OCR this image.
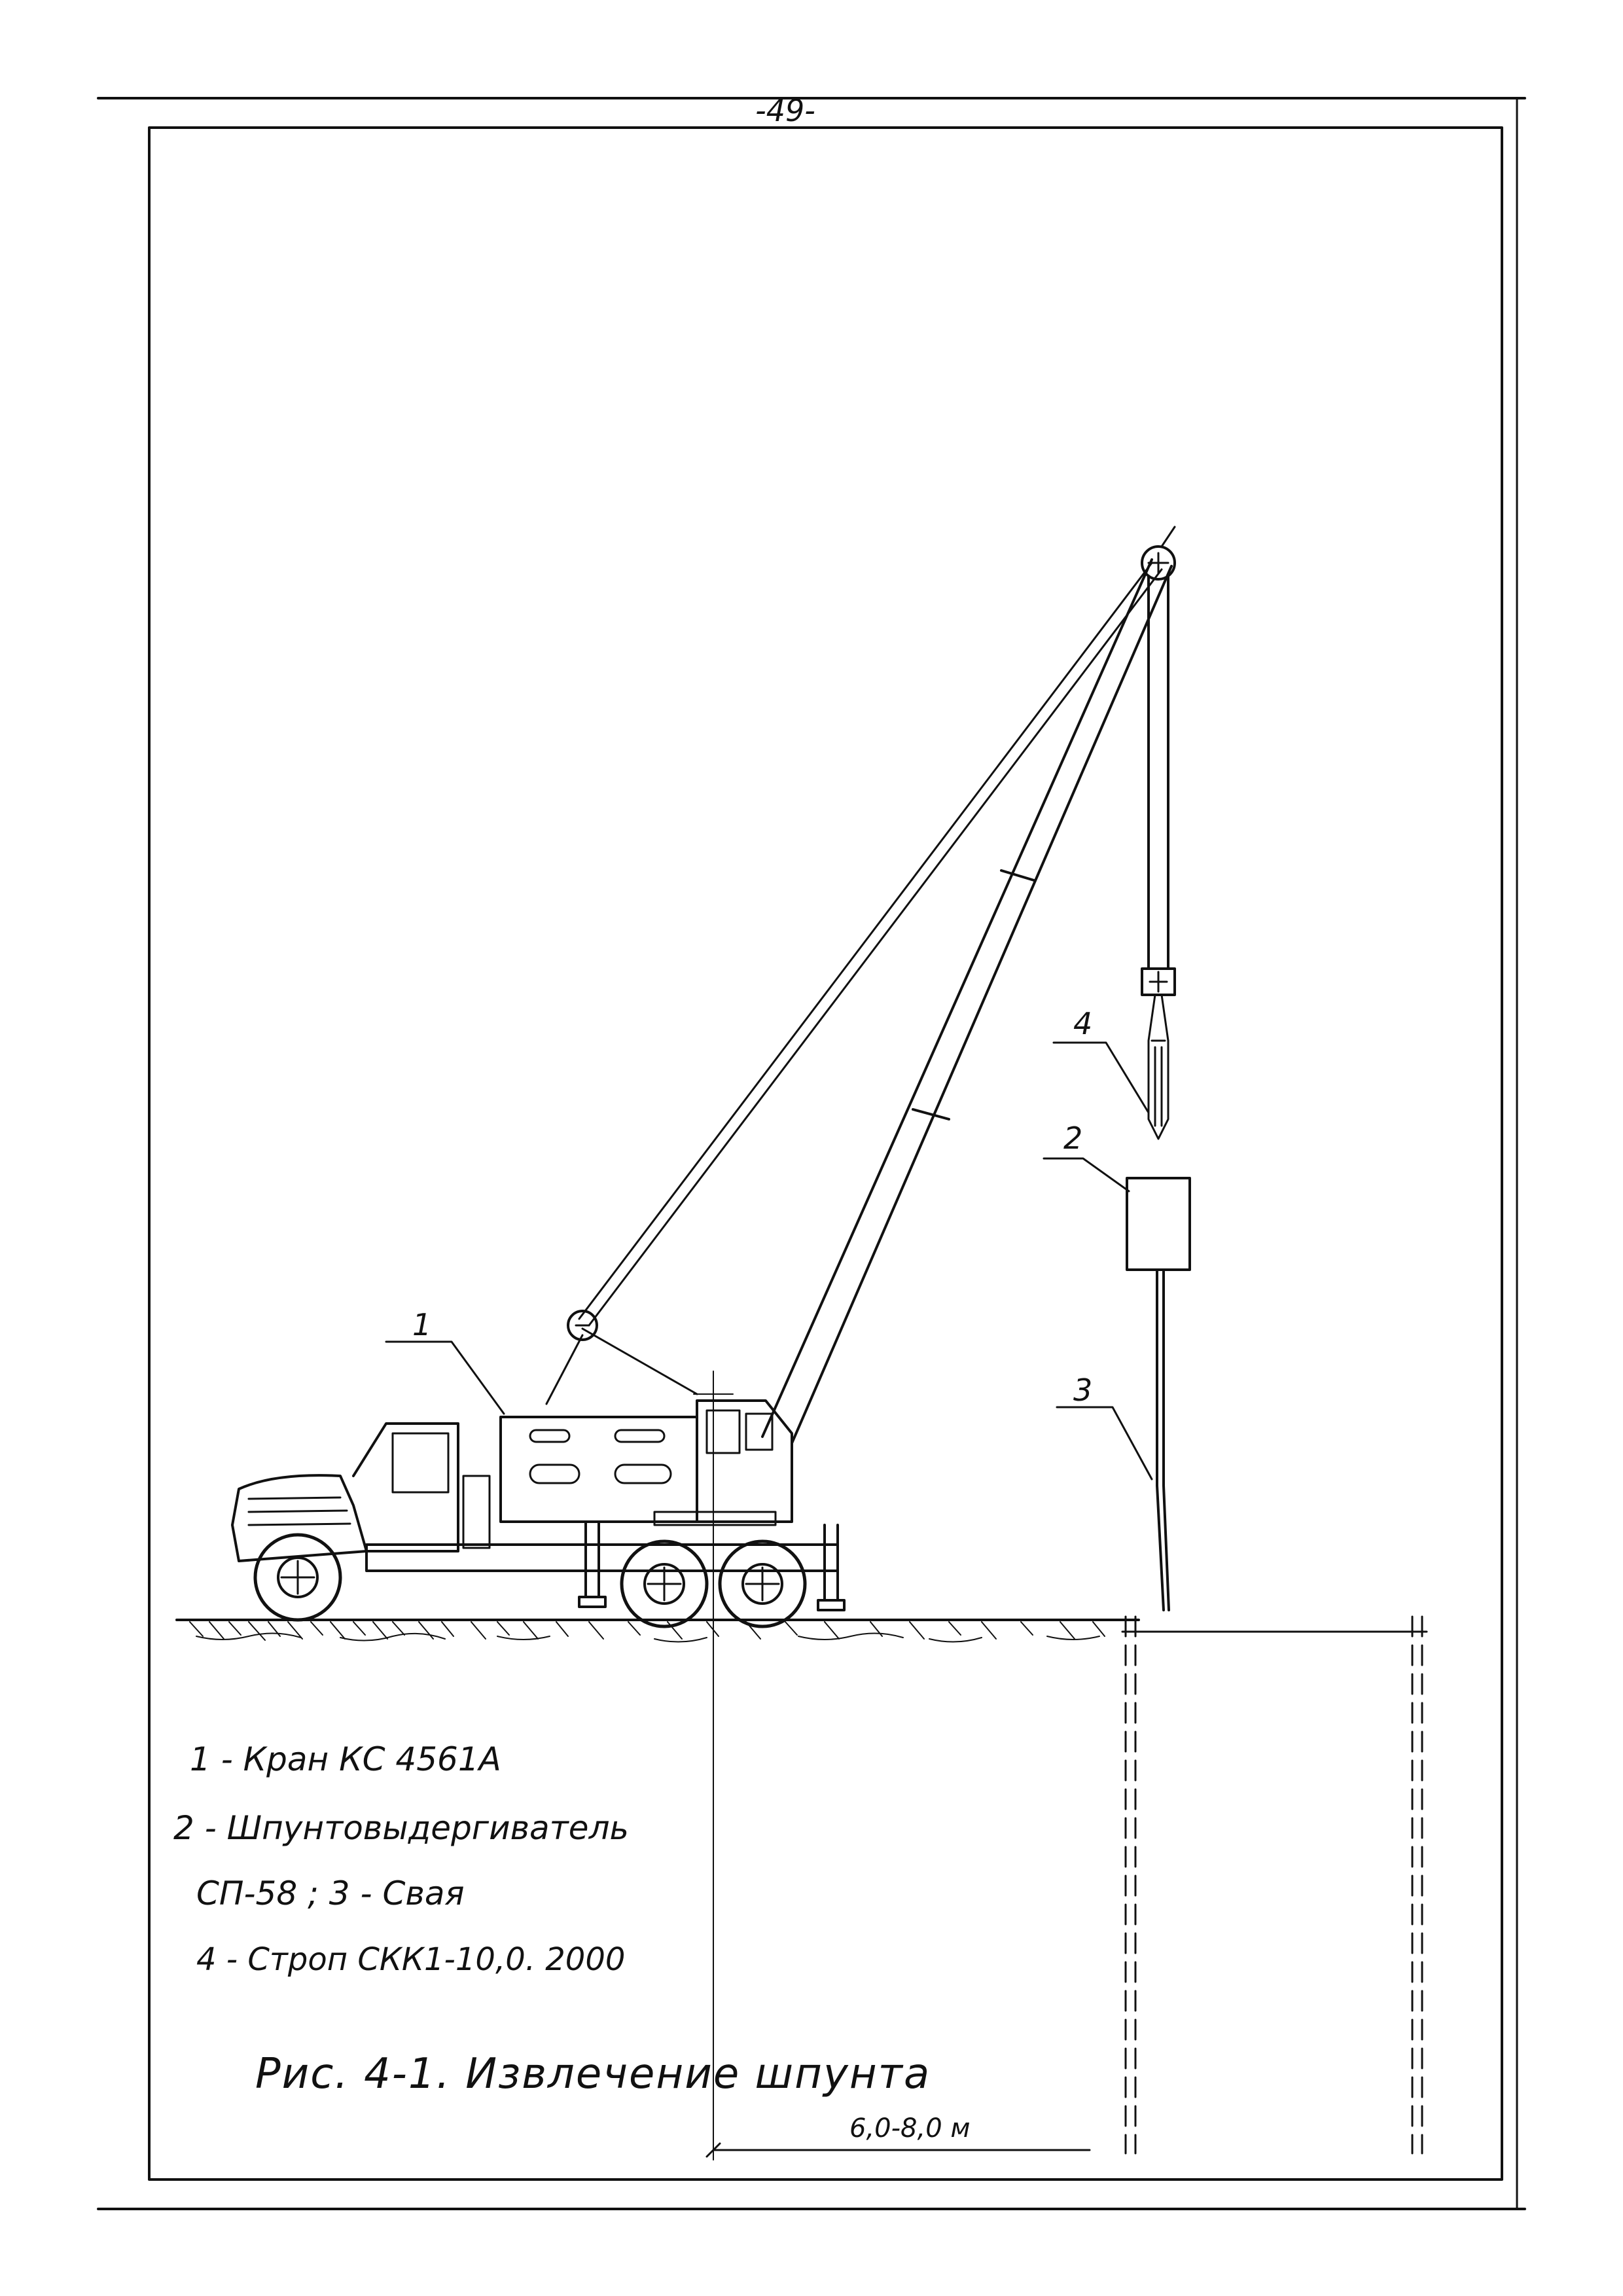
-49-
1
2
3
4
6,0-8,0 м
1 - Кран КС 4561А
2 - Шпунтовыдергиватель
СП-58 ; 3 - Свая
4 - Строп СКК1-10,0. 2000
Рис. 4-1. Извлечение шпунта
